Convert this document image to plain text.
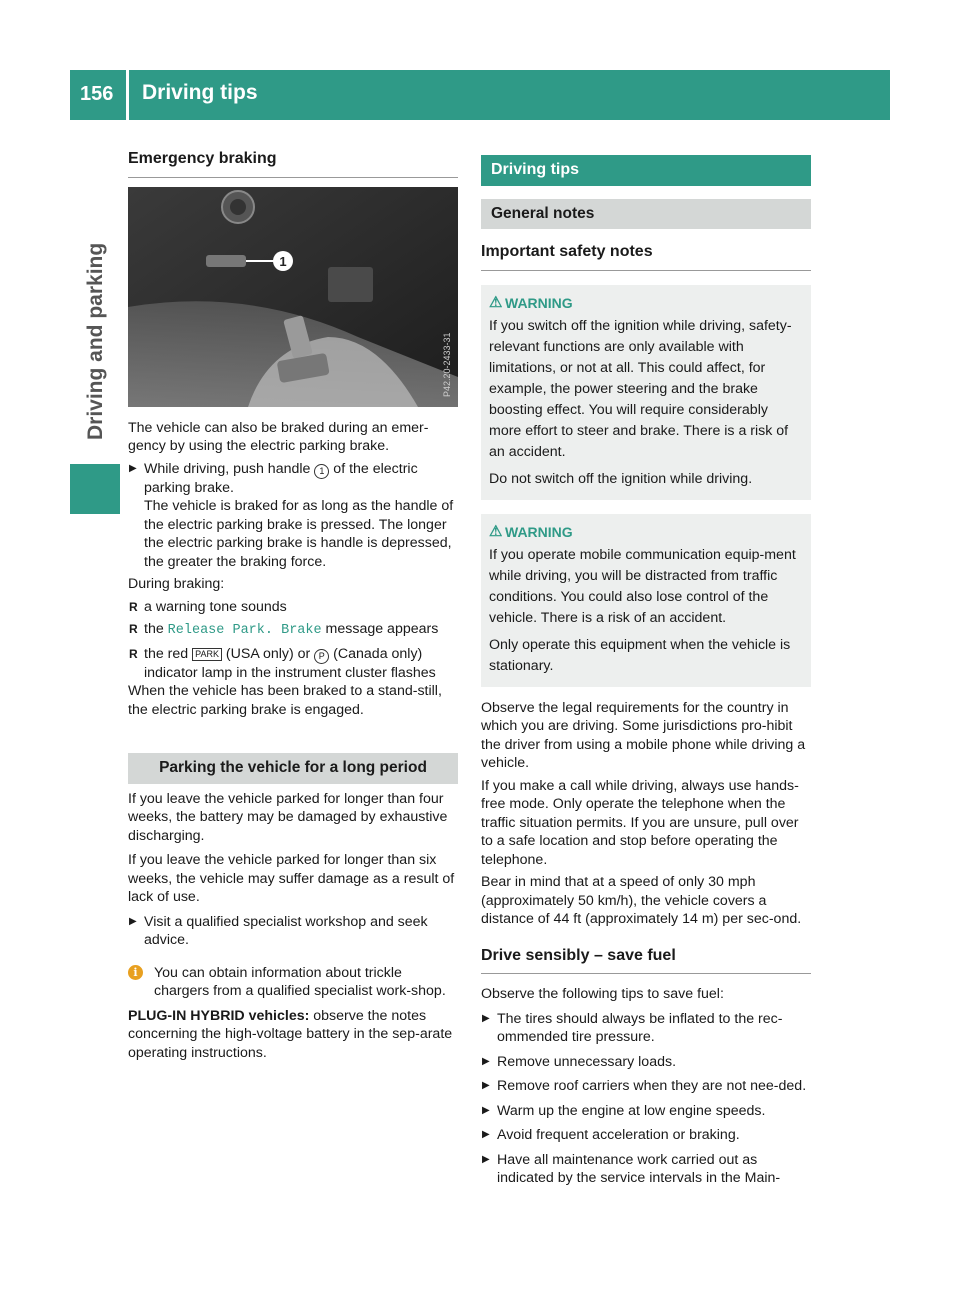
156	Driving tips
Driving and parking
Emergency braking
1
P42.20-2433-31

The vehicle can also be braked during an emer-gency by using the electric parking brake.

▶ While driving, push handle 1 of the electric parking brake.

The vehicle is braked for as long as the handle of the electric parking brake is pressed. The longer the electric parking brake is handle is depressed, the greater the braking force.

During braking:

R a warning tone sounds
R the Release Park. Brake message appears
R the red PARK (USA only) or P (Canada only) indicator lamp in the instrument cluster flashes

When the vehicle has been braked to a stand-still, the electric parking brake is engaged.

Parking the vehicle for a long period

If you leave the vehicle parked for longer than four weeks, the battery may be damaged by exhaustive discharging.

If you leave the vehicle parked for longer than six weeks, the vehicle may suffer damage as a result of lack of use.

▶ Visit a qualified specialist workshop and seek advice.
i	You can obtain information about trickle chargers from a qualified specialist work-shop.

PLUG-IN HYBRID vehicles: observe the notes concerning the high-voltage battery in the sep-arate operating instructions.

Driving tips
General notes
Important safety notes
⚠ WARNING

If you switch off the ignition while driving, safety-relevant functions are only available with limitations, or not at all. This could affect, for example, the power steering and the brake boosting effect. You will require considerably more effort to steer and brake. There is a risk of an accident.

Do not switch off the ignition while driving.

⚠ WARNING

If you operate mobile communication equip-ment while driving, you will be distracted from traffic conditions. You could also lose control of the vehicle. There is a risk of an accident.

Only operate this equipment when the vehicle is stationary.

Observe the legal requirements for the country in which you are driving. Some jurisdictions pro-hibit the driver from using a mobile phone while driving a vehicle.

If you make a call while driving, always use hands-free mode. Only operate the telephone when the traffic situation permits. If you are unsure, pull over to a safe location and stop before operating the telephone.

Bear in mind that at a speed of only 30 mph (approximately 50 km/h), the vehicle covers a distance of 44 ft (approximately 14 m) per sec-ond.

Drive sensibly – save fuel

Observe the following tips to save fuel:

▶ The tires should always be inflated to the rec-ommended tire pressure.
▶ Remove unnecessary loads.
▶ Remove roof carriers when they are not nee-ded.
▶ Warm up the engine at low engine speeds.
▶ Avoid frequent acceleration or braking.
▶ Have all maintenance work carried out as indicated by the service intervals in the Main-
